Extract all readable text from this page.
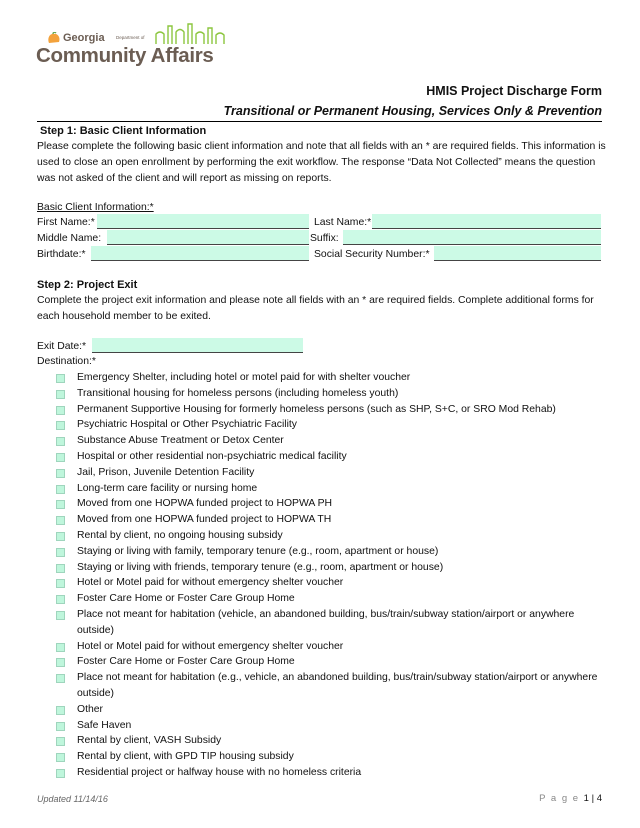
Georgia	Department of
Community Affairs
HMIS Project Discharge Form
Transitional or Permanent Housing, Services Only & Prevention
Step 1: Basic Client Information
Please complete the following basic client information and note that all fields with an * are required fields. This information is used to close an open enrollment by performing the exit workflow. The response “Data Not Collected” means the question was not asked of the client and will report as missing on reports.
Basic Client Information:*
First Name:*	Last Name:*
Middle Name:	Suffix:
Birthdate:*	Social Security Number:*
Step 2: Project Exit
Complete the project exit information and please note all fields with an * are required fields. Complete additional forms for each household member to be exited.
Exit Date:*
Destination:*
Emergency Shelter, including hotel or motel paid for with shelter voucher
Transitional housing for homeless persons (including homeless youth)
Permanent Supportive Housing for formerly homeless persons (such as SHP, S+C, or SRO Mod Rehab)
Psychiatric Hospital or Other Psychiatric Facility
Substance Abuse Treatment or Detox Center
Hospital or other residential non-psychiatric medical facility
Jail, Prison, Juvenile Detention Facility
Long-term care facility or nursing home
Moved from one HOPWA funded project to HOPWA PH
Moved from one HOPWA funded project to HOPWA TH
Rental by client, no ongoing housing subsidy
Staying or living with family, temporary tenure (e.g., room, apartment or house)
Staying or living with friends, temporary tenure (e.g., room, apartment or house)
Hotel or Motel paid for without emergency shelter voucher
Foster Care Home or Foster Care Group Home
Place not meant for habitation (vehicle, an abandoned building, bus/train/subway station/airport or anywhere outside)
Hotel or Motel paid for without emergency shelter voucher
Foster Care Home or Foster Care Group Home
Place not meant for habitation (e.g., vehicle, an abandoned building, bus/train/subway station/airport or anywhere outside)
Other
Safe Haven
Rental by client, VASH Subsidy
Rental by client, with GPD TIP housing subsidy
Residential project or halfway house with no homeless criteria
Updated 11/14/16	P a g e 1 | 4
